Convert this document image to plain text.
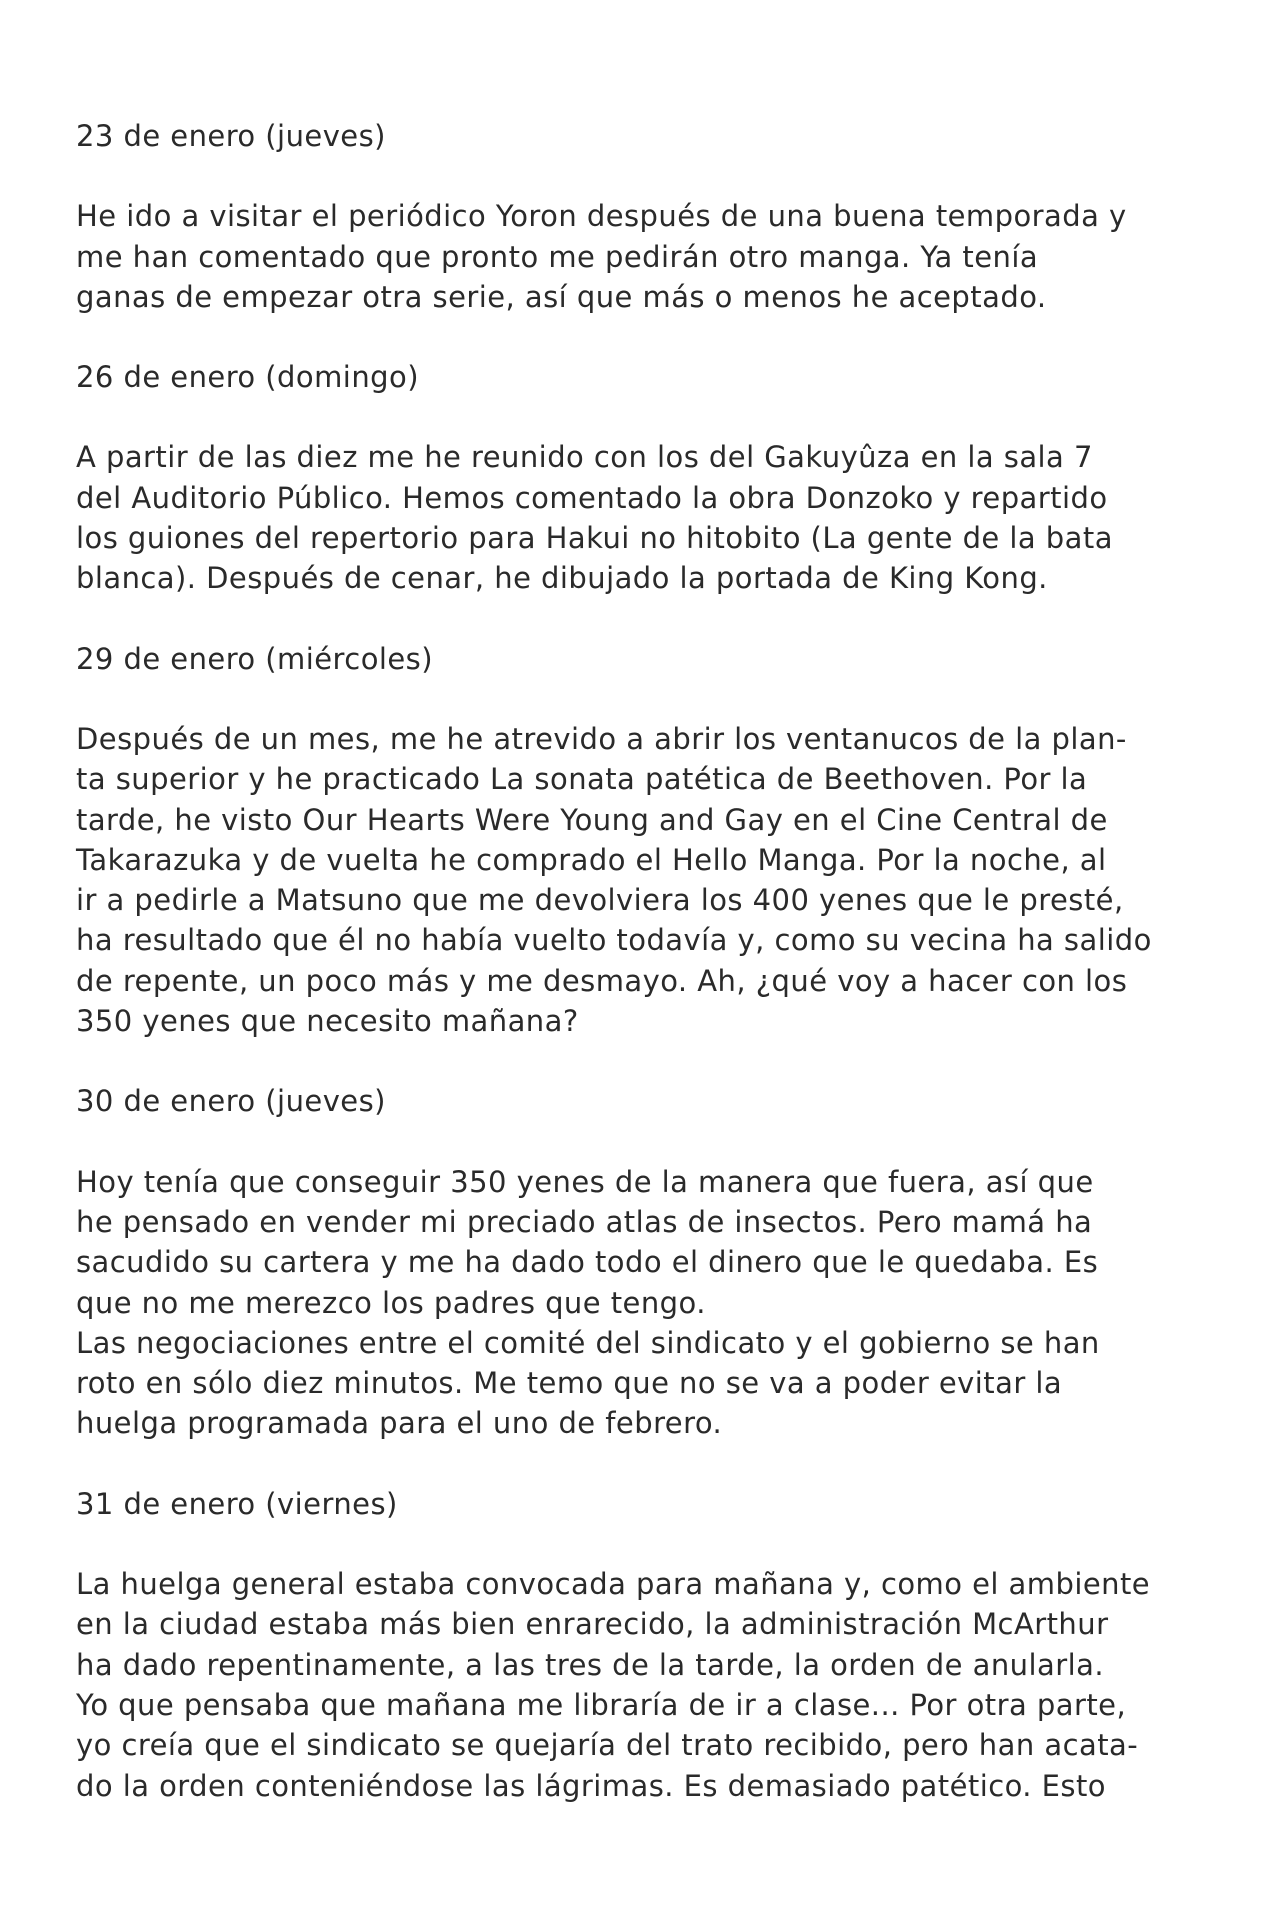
23 de enero (jueves)
He ido a visitar el periódico Yoron después de una buena temporada y
me han comentado que pronto me pedirán otro manga. Ya tenía
ganas de empezar otra serie, así que más o menos he aceptado.
26 de enero (domingo)
A partir de las diez me he reunido con los del Gakuyûza en la sala 7
del Auditorio Público. Hemos comentado la obra Donzoko y repartido
los guiones del repertorio para Hakui no hitobito (La gente de la bata
blanca). Después de cenar, he dibujado la portada de King Kong.
29 de enero (miércoles)
Después de un mes, me he atrevido a abrir los ventanucos de la plan-
ta superior y he practicado La sonata patética de Beethoven. Por la
tarde, he visto Our Hearts Were Young and Gay en el Cine Central de
Takarazuka y de vuelta he comprado el Hello Manga. Por la noche, al
ir a pedirle a Matsuno que me devolviera los 400 yenes que le presté,
ha resultado que él no había vuelto todavía y, como su vecina ha salido
de repente, un poco más y me desmayo. Ah, ¿qué voy a hacer con los
350 yenes que necesito mañana?
30 de enero (jueves)
Hoy tenía que conseguir 350 yenes de la manera que fuera, así que
he pensado en vender mi preciado atlas de insectos. Pero mamá ha
sacudido su cartera y me ha dado todo el dinero que le quedaba. Es
que no me merezco los padres que tengo.
Las negociaciones entre el comité del sindicato y el gobierno se han
roto en sólo diez minutos. Me temo que no se va a poder evitar la
huelga programada para el uno de febrero.
31 de enero (viernes)
La huelga general estaba convocada para mañana y, como el ambiente
en la ciudad estaba más bien enrarecido, la administración McArthur
ha dado repentinamente, a las tres de la tarde, la orden de anularla.
Yo que pensaba que mañana me libraría de ir a clase... Por otra parte,
yo creía que el sindicato se quejaría del trato recibido, pero han acata-
do la orden conteniéndose las lágrimas. Es demasiado patético. Esto
